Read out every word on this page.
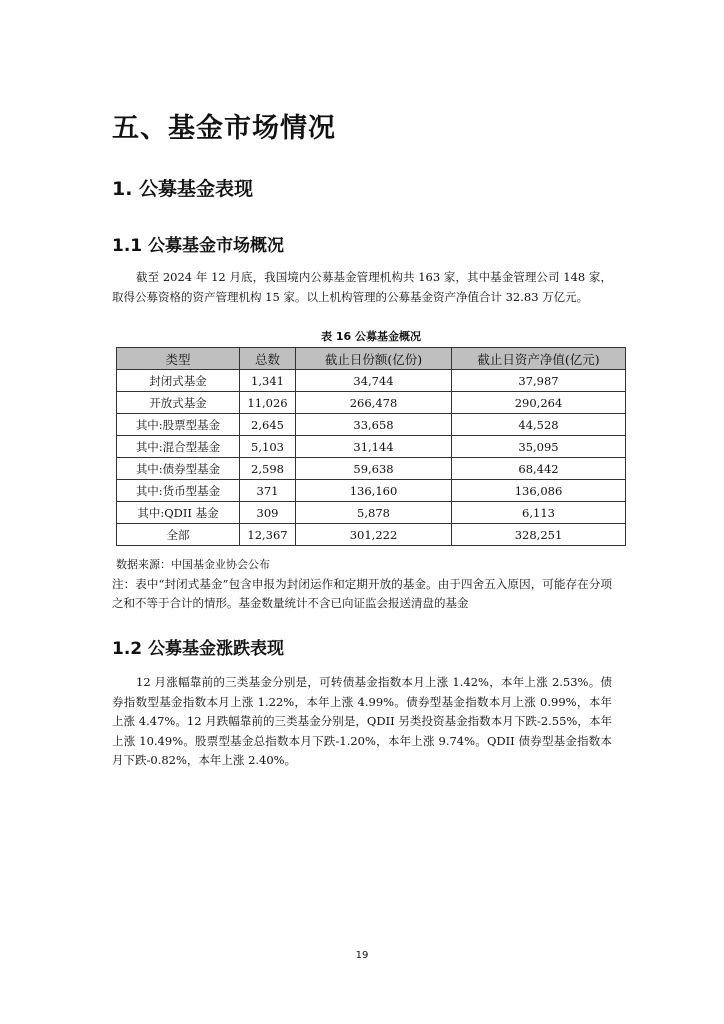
五、基金市场情况
1. 公募基金表现
1.1 公募基金市场概况

截至 2024 年 12 月底，我国境内公募基金管理机构共 163 家，其中基金管理公司 148 家，取得公募资格的资产管理机构 15 家。以上机构管理的公募基金资产净值合计 32.83 万亿元。

表 16 公募基金概况
类型	总数	截止日份额(亿份)	截止日资产净值(亿元)
封闭式基金	1,341	34,744	37,987
开放式基金	11,026	266,478	290,264
其中:股票型基金	2,645	33,658	44,528
其中:混合型基金	5,103	31,144	35,095
其中:债券型基金	2,598	59,638	68,442
其中:货币型基金	371	136,160	136,086
其中:QDII 基金	309	5,878	6,113
全部	12,367	301,222	328,251

数据来源：中国基金业协会公布

注：表中“封闭式基金”包含申报为封闭运作和定期开放的基金。由于四舍五入原因，可能存在分项之和不等于合计的情形。基金数量统计不含已向证监会报送清盘的基金

1.2 公募基金涨跌表现

12 月涨幅靠前的三类基金分别是，可转债基金指数本月上涨 1.42%，本年上涨 2.53%。债券指数型基金指数本月上涨 1.22%，本年上涨 4.99%。债券型基金指数本月上涨 0.99%，本年上涨 4.47%。12 月跌幅靠前的三类基金分别是，QDII 另类投资基金指数本月下跌-2.55%，本年上涨 10.49%。股票型基金总指数本月下跌-1.20%，本年上涨 9.74%。QDII 债券型基金指数本月下跌-0.82%，本年上涨 2.40%。

19
